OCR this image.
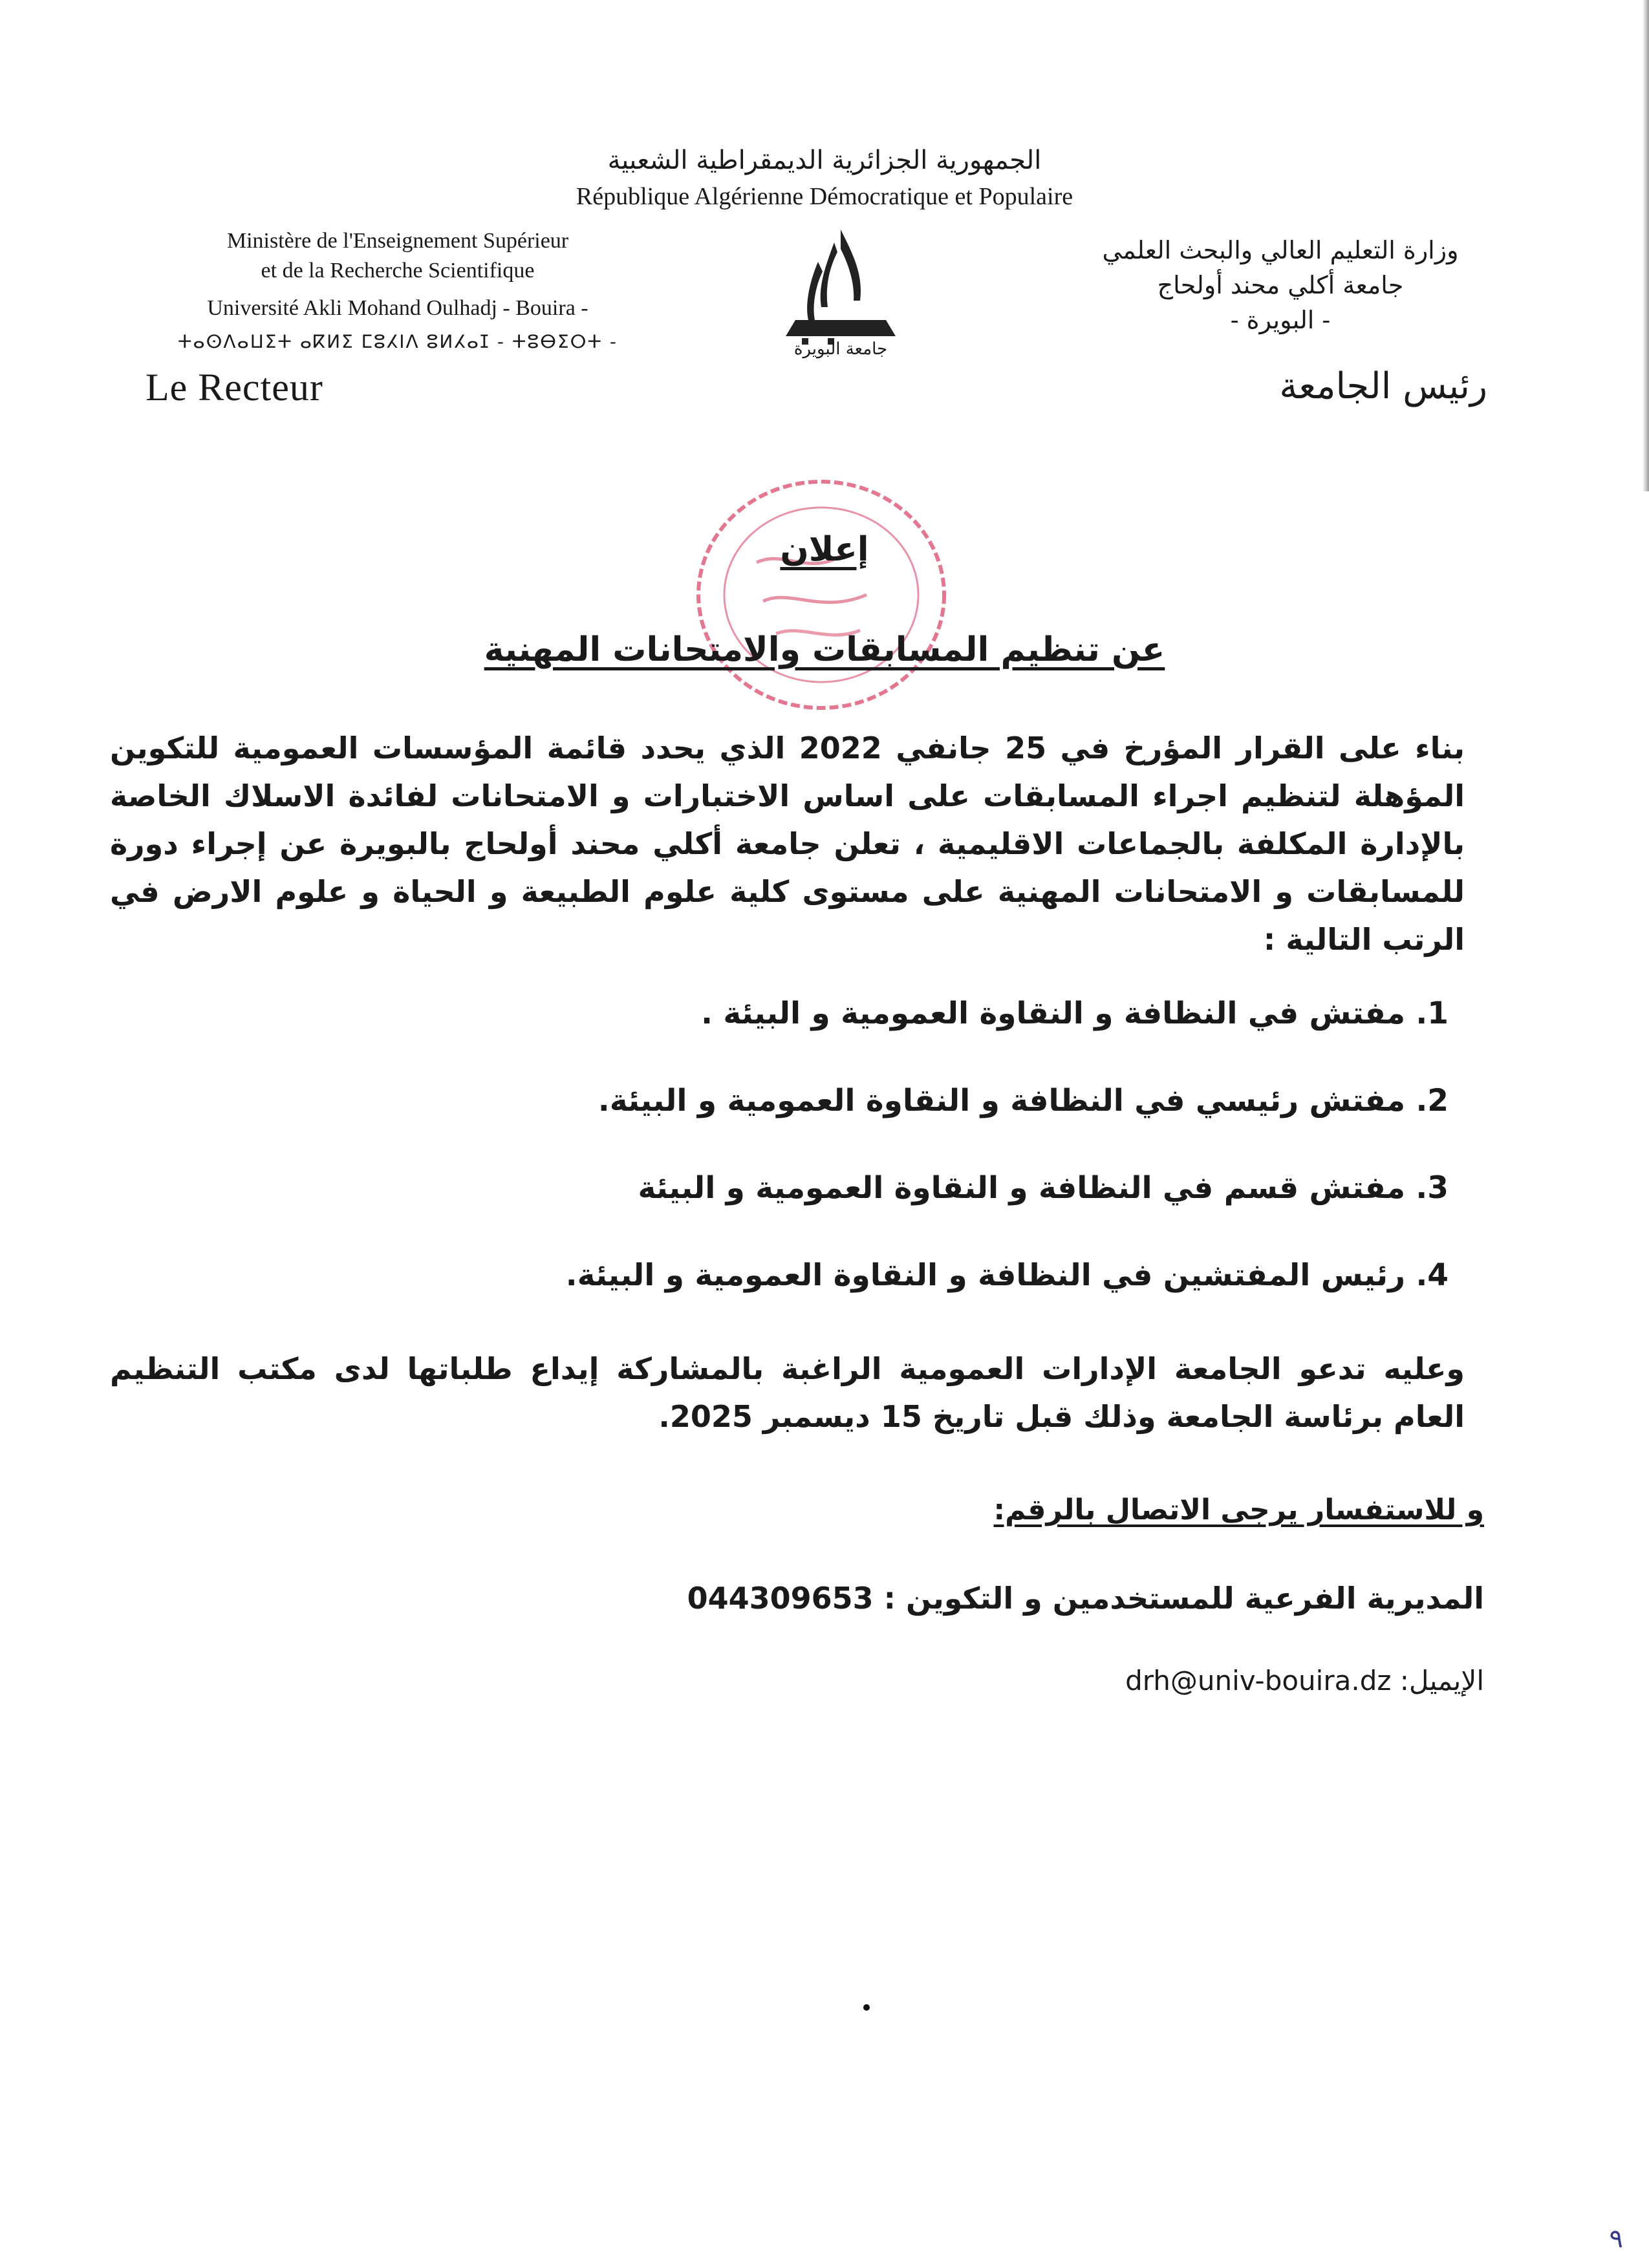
الجمهورية الجزائرية الديمقراطية الشعبية
République Algérienne Démocratique et Populaire
Ministère de l'Enseignement Supérieur
et de la Recherche Scientifique
Université Akli Mohand Oulhadj - Bouira -
ⵜⴰⵙⴷⴰⵡⵉⵜ ⴰⴽⵍⵉ ⵎⵓⵃⵏⴷ ⵓⵍⵃⴰⵊ - ⵜⵓⴱⵉⵔⵜ -
وزارة التعليم العالي والبحث العلمي
جامعة أكلي محند أولحاج
- البويرة -
جامعة البويرة
Le Recteur	رئيس الجامعة
إعلان
عن تنظيم المسابقات والامتحانات المهنية
بناء على القرار المؤرخ في 25 جانفي 2022 الذي يحدد قائمة المؤسسات العمومية للتكوين المؤهلة لتنظيم اجراء المسابقات على اساس الاختبارات و الامتحانات لفائدة الاسلاك الخاصة بالإدارة المكلفة بالجماعات الاقليمية ، تعلن جامعة أكلي محند أولحاج بالبويرة عن إجراء دورة للمسابقات و الامتحانات المهنية على مستوى كلية علوم الطبيعة و الحياة و علوم الارض في الرتب التالية :
1. مفتش في النظافة و النقاوة العمومية و البيئة .
2. مفتش رئيسي في النظافة و النقاوة العمومية و البيئة.
3. مفتش قسم في النظافة و النقاوة العمومية و البيئة
4. رئيس المفتشين في النظافة و النقاوة العمومية و البيئة.
وعليه تدعو الجامعة الإدارات العمومية الراغبة بالمشاركة إيداع طلباتها لدى مكتب التنظيم العام برئاسة الجامعة وذلك قبل تاريخ 15 ديسمبر 2025.
و للاستفسار يرجى الاتصال بالرقم:
المديرية الفرعية للمستخدمين و التكوين : 044309653
الإيميل: drh@univ-bouira.dz
٩
